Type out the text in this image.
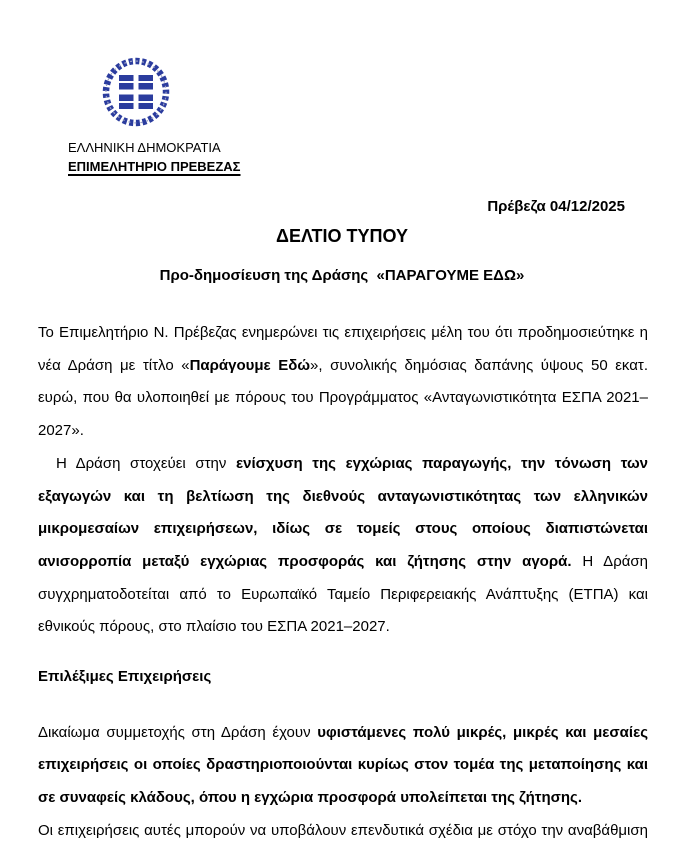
ΕΛΛΗΝΙΚΗ ΔΗΜΟΚΡΑΤΙΑ
ΕΠΙΜΕΛΗΤΗΡΙΟ ΠΡΕΒΕΖΑΣ
Πρέβεζα 04/12/2025
ΔΕΛΤΙΟ ΤΥΠΟΥ
Προ-δημοσίευση της Δράσης  «ΠΑΡΑΓΟΥΜΕ ΕΔΩ»

Το Επιμελητήριο Ν. Πρέβεζας ενημερώνει τις επιχειρήσεις μέλη του ότι προδημοσιεύτηκε η νέα Δράση με τίτλο «Παράγουμε Εδώ», συνολικής δημόσιας δαπάνης ύψους 50 εκατ. ευρώ, που θα υλοποιηθεί με πόρους του Προγράμματος «Ανταγωνιστικότητα ΕΣΠΑ 2021–2027».

Η Δράση στοχεύει στην ενίσχυση της εγχώριας παραγωγής, την τόνωση των εξαγωγών και τη βελτίωση της διεθνούς ανταγωνιστικότητας των ελληνικών μικρομεσαίων επιχειρήσεων, ιδίως σε τομείς στους οποίους διαπιστώνεται ανισορροπία μεταξύ εγχώριας προσφοράς και ζήτησης στην αγορά. Η Δράση συγχρηματοδοτείται από το Ευρωπαϊκό Ταμείο Περιφερειακής Ανάπτυξης (ΕΤΠΑ) και εθνικούς πόρους, στο πλαίσιο του ΕΣΠΑ 2021–2027.

Επιλέξιμες Επιχειρήσεις

Δικαίωμα συμμετοχής στη Δράση έχουν υφιστάμενες πολύ μικρές, μικρές και μεσαίες επιχειρήσεις οι οποίες δραστηριοποιούνται κυρίως στον τομέα της μεταποίησης και σε συναφείς κλάδους, όπου η εγχώρια προσφορά υπολείπεται της ζήτησης.

Οι επιχειρήσεις αυτές μπορούν να υποβάλουν επενδυτικά σχέδια με στόχο την αναβάθμιση
